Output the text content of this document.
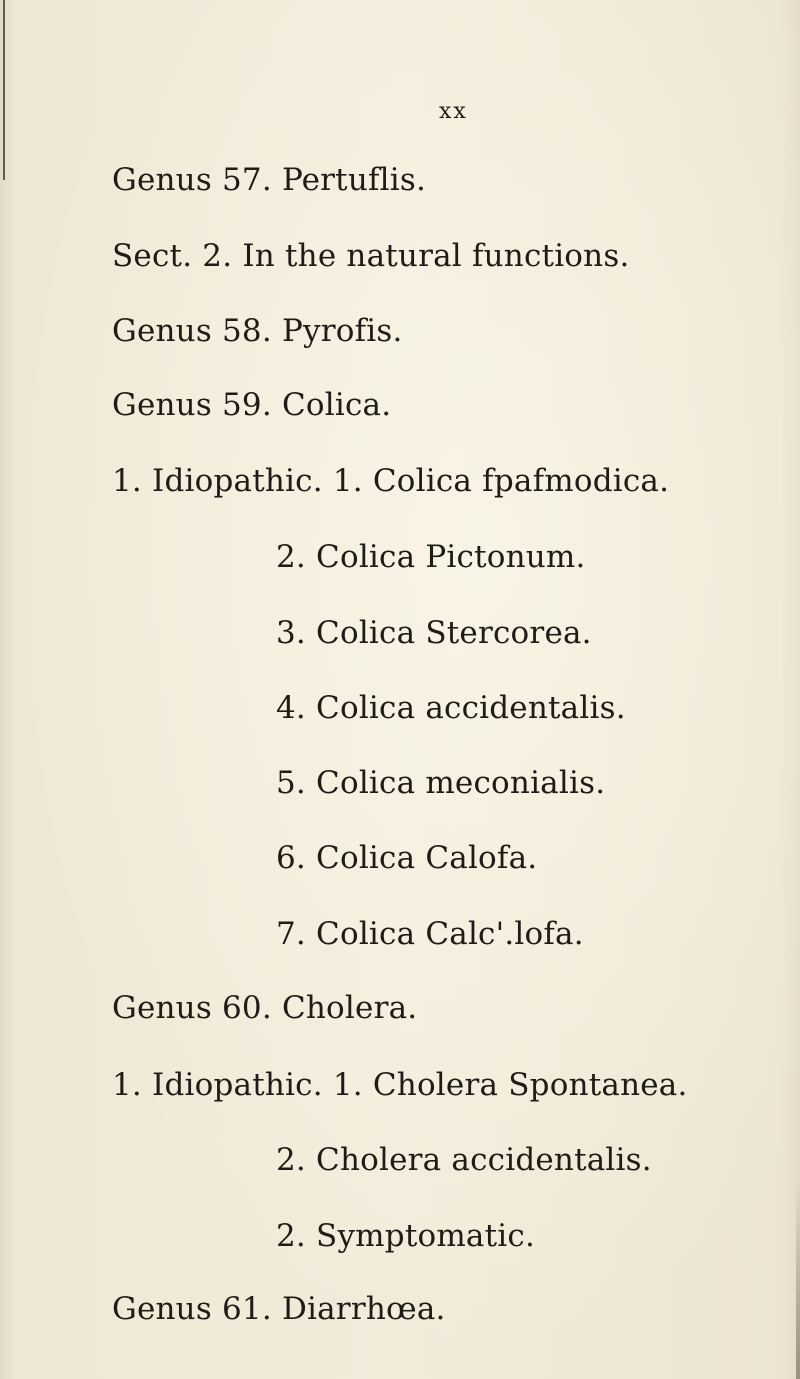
xx
Genus 57. Pertuflis.
Sect. 2. In the natural functions.
Genus 58. Pyrofis.
Genus 59. Colica.
1. Idiopathic. 1. Colica fpafmodica.
2. Colica Pictonum.
3. Colica Stercorea.
4. Colica accidentalis.
5. Colica meconialis.
6. Colica Calofa.
7. Colica Calc'.lofa.
Genus 60. Cholera.
1. Idiopathic. 1. Cholera Spontanea.
2. Cholera accidentalis.
2. Symptomatic.
Genus 61. Diarrhœa.
